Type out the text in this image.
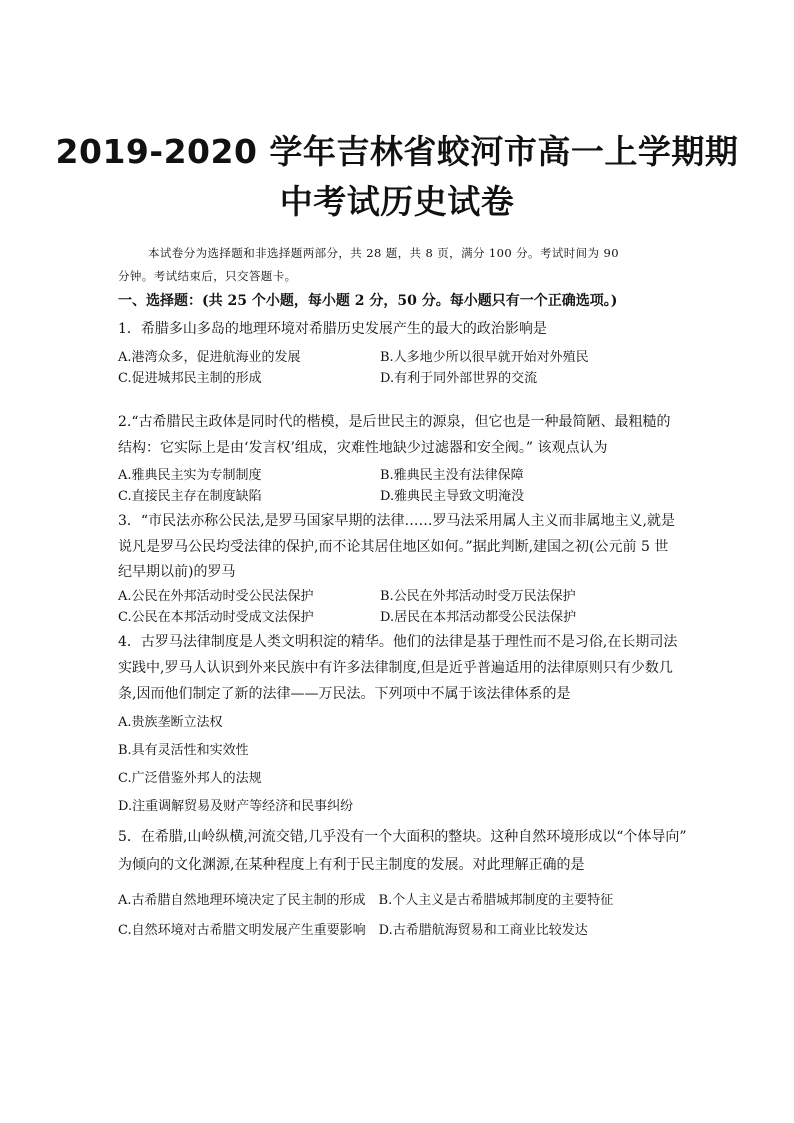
2019-2020 学年吉林省蛟河市高一上学期期
中考试历史试卷
本试卷分为选择题和非选择题两部分，共 28 题，共 8 页，满分 100 分。考试时间为 90
分钟。考试结束后，只交答题卡。
一、选择题：(共 25 个小题，每小题 2 分，50 分。每小题只有一个正确选项。)
1．希腊多山多岛的地理环境对希腊历史发展产生的最大的政治影响是
A.港湾众多，促进航海业的发展	B.人多地少所以很早就开始对外殖民
C.促进城邦民主制的形成	D.有利于同外部世界的交流
2.“古希腊民主政体是同时代的楷模，是后世民主的源泉，但它也是一种最简陋、最粗糙的
结构：它实际上是由‘发言权’组成，灾难性地缺少过滤器和安全阀。” 该观点认为
A.雅典民主实为专制制度	B.雅典民主没有法律保障
C.直接民主存在制度缺陷	D.雅典民主导致文明淹没
3．“市民法亦称公民法,是罗马国家早期的法律……罗马法采用属人主义而非属地主义,就是
说凡是罗马公民均受法律的保护,而不论其居住地区如何。”据此判断,建国之初(公元前 5 世
纪早期以前)的罗马
A.公民在外邦活动时受公民法保护	B.公民在外邦活动时受万民法保护
C.公民在本邦活动时受成文法保护	D.居民在本邦活动都受公民法保护
4．古罗马法律制度是人类文明积淀的精华。他们的法律是基于理性而不是习俗,在长期司法
实践中,罗马人认识到外来民族中有许多法律制度,但是近乎普遍适用的法律原则只有少数几
条,因而他们制定了新的法律——万民法。下列项中不属于该法律体系的是
A.贵族垄断立法权
B.具有灵活性和实效性
C.广泛借鉴外邦人的法规
D.注重调解贸易及财产等经济和民事纠纷
5．在希腊,山岭纵横,河流交错,几乎没有一个大面积的整块。这种自然环境形成以“个体导向”
为倾向的文化渊源,在某种程度上有利于民主制度的发展。对此理解正确的是
A.古希腊自然地理环境决定了民主制的形成　B.个人主义是古希腊城邦制度的主要特征
C.自然环境对古希腊文明发展产生重要影响　D.古希腊航海贸易和工商业比较发达
